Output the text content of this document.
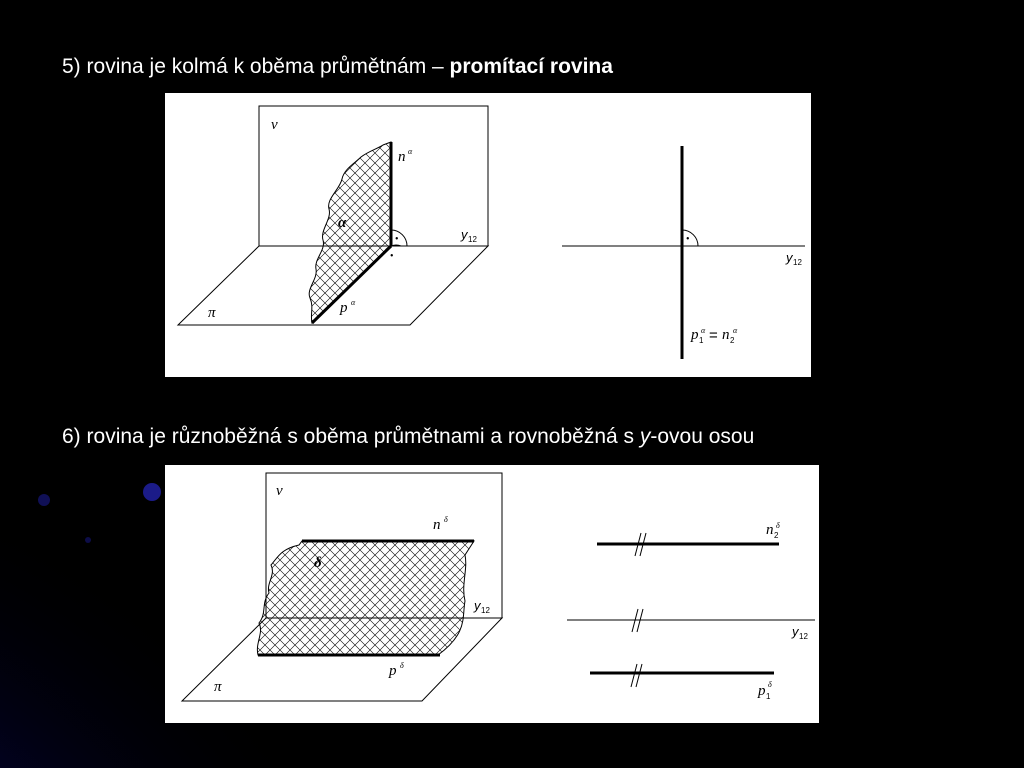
5) rovina je kolmá k oběma průmětnám – promítací rovina
•
•
ν
π
α
n α
p α
y 12	•
y 12
p 1
α = n 2
α
6) rovina je různoběžná s oběma průmětnami a rovnoběžná s y-ovou osou
ν
π
δ
n δ
p δ
y 12
n 2
δ
y 12
p 1
δ
